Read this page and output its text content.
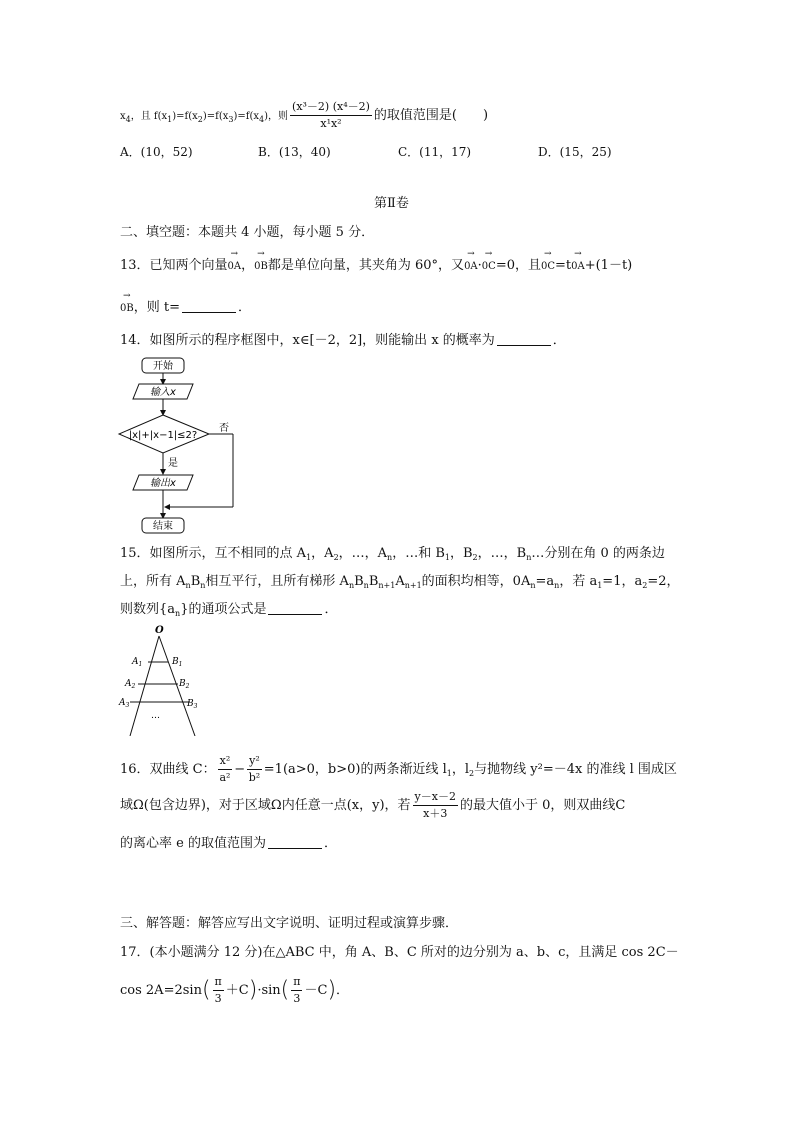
$x_4$，且 $f(x_1)=f(x_2)=f(x_3)=f(x_4)$，则 $\frac{\text{(x³－2) (x⁴－2)}}{\text{x¹x²}}$ 的取值范围是(　　)
A．(10，52)	B．(13，40)	C．(11，17)	D．(15，25)
第Ⅱ卷
二、填空题：本题共 4 小题，每小题 5 分．
13．已知两个向量→ 0A，→ 0B都是单位向量，其夹角为 60°，又→ 0A·→ 0C=0，且→ 0C=t→ 0A+(1－t)
→ 0B，则 t=	．
14．如图所示的程序框图中，x∈[－2，2]，则能输出 x 的概率为	．
开始
输入x
|x|+|x−1|≤2?
否
是
输出x
结束
15．如图所示，互不相同的点 $A_1$，$A_2$，…，$A_n$，…和 $B_1$，$B_2$，…，$B_n\dots$分别在角 0 的两条边
上，所有 $A_nB_n$相互平行，且所有梯形 $A_nB_nB_{n+1}A_{n+1}$的面积均相等，$0A_n=a_n$，若 $a_1=1$，$a_2=2$，
则数列$\{a_n\}$的通项公式是	．
O
$A_1$	$B_1$
$A_2$	$B_2$
$A_3$	$B_3$
…
16．双曲线 C： $\frac{\text{x²}}{\text{a²}} - \frac{\text{y²}}{\text{b²}} =1(a>0$，b>0)的两条渐近线 $l_1$，$l_2$与抛物线 y²=－4x 的准线 l 围成区
域Ω(包含边界)，对于区域Ω内任意一点(x，y)，若 $\frac{y-x-2}{x+3}$ 的最大值小于 0，则双曲线C
的离心率 e 的取值范围为	．
三、解答题：解答应写出文字说明、证明过程或演算步骤．
17．(本小题满分 12 分)在△ABC 中，角 A、B、C 所对的边分别为 a、b、c，且满足 cos 2C－
$\cos 2A=2\sin( \frac{\pi}{3} +C)\cdot\sin( \frac{\pi}{3} -C)$．
